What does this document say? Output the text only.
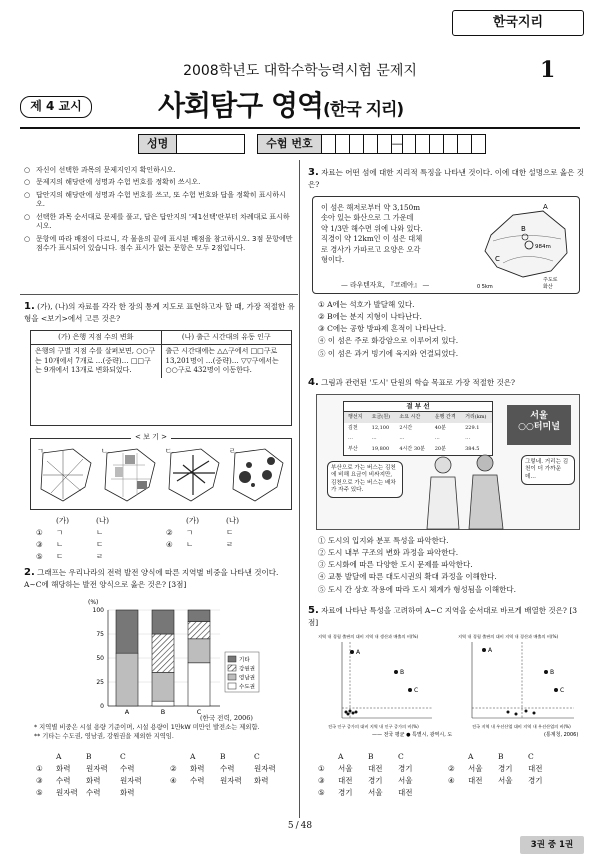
한국지리
2008학년도 대학수학능력시험 문제지	1
제 4 교시	사회탐구 영역(한국 지리)
성명	수험 번호	—
○ 자신이 선택한 과목의 문제지인지 확인하시오.
○ 문제지의 해당란에 성명과 수험 번호를 정확히 쓰시오.
○ 답안지의 해당란에 성명과 수험 번호를 쓰고, 또 수험 번호와 답을 정확히 표시하시오.
○ 선택한 과목 순서대로 문제를 풀고, 답은 답안지의 '제1선택'란부터 차례대로 표시하시오.
○ 문항에 따라 배점이 다르니, 각 물음의 끝에 표시된 배점을 참고하시오. 3점 문항에만 점수가 표시되어 있습니다. 점수 표시가 없는 문항은 모두 2점입니다.
1. (가), (나)의 자료를 각각 한 장의 통계 지도로 표현하고자 할 때, 가장 적절한 유형을 <보기>에서 고른 것은?
(가) 은행 지점 수의 변화	(나) 출근 시간대의 유동 인구
은행의 구별 지점 수를 살펴보면, ○○구는 10개에서 7개로 …(중략)… □□구는 9개에서 13개로 변화되었다.	출근 시간대에는 △△구에서 □□구로 13,201명이 …(중략)… ▽▽구에서는 ○○구로 432명이 이동한다.
< 보 기 >
ㄱ.	ㄴ.	ㄷ.	ㄹ.
(가)	(나)	(가)	(나)
①	ㄱ	ㄴ	②	ㄱ	ㄷ
③	ㄴ	ㄷ	④	ㄴ	ㄹ
⑤	ㄷ	ㄹ
2. 그래프는 우리나라의 전력 발전 양식에 따른 지역별 비중을 나타낸 것이다. A~C에 해당하는 발전 양식으로 옳은 것은? [3점]
(%)
0
25
50
75
100
A	B	C
기타
강원권
영남권
수도권
(한국 전력, 2006)
* 지역별 비중은 시설 용량 기준이며, 시설 용량이 1만kW 미만인 발전소는 제외함.
** 기타는 수도권, 영남권, 강원권을 제외한 지역임.
A	B	C	A	B	C
①	화력	원자력	수력	②	화력	수력	원자력
③	수력	화력	원자력	④	수력	원자력	화력
⑤	원자력	수력	화력
3. 자료는 어떤 섬에 대한 지리적 특징을 나타낸 것이다. 이에 대한 설명으로 옳은 것은?
이 섬은 해저로부터 약 3,150m
솟아 있는 화산으로 그 가운데
약 1/3만 해수면 위에 나와 있다.
직경이 약 12km인 이 섬은 대체
로 경사가 가파르고 요양은 오각
형이다.
— 라우텐자흐, 『코레아』 —
984m
A
B
C
주도로
화산
0 5km
① A에는 석호가 발달해 있다.
② B에는 분지 지형이 나타난다.
③ C에는 공항 방파제 흔적이 나타난다.
④ 이 섬은 주로 화강암으로 이루어져 있다.
⑤ 이 섬은 과거 빙기에 육지와 연결되었다.
4. 그림과 관련된 '도시' 단원의 학습 목표로 가장 적절한 것은?
결 부 선
행선지	요금(원)	소요 시간	운행 간격	거리(km)
김천	12,100	2시간	40분	229.1
…	…	…	…	…
부산	19,800	4시간 30분	20분	384.5
서울
○○터미널
부산으로 가는 버스는 김천에 비해 요금이 비싸지만, 김천으로 가는 버스는 배차가 자주 있다.
그렇네. 거리는 김천이 더 가까운데…
① 도시의 입지와 분포 특성을 파악한다.
② 도시 내부 구조의 변화 과정을 파악한다.
③ 도시화에 따른 다양한 도시 문제를 파악한다.
④ 교통 발달에 따른 대도시권의 확대 과정을 이해한다.
⑤ 도시 간 상호 작용에 따라 도시 체계가 형성됨을 이해한다.
5. 자료에 나타난 특성을 고려하여 A~C 지역을 순서대로 바르게 배열한 것은? [3점]
지역 내 경험 출판의 대비 지역 내 생산과 매출의 비(%)
A
B
C
전국 인구 증가의 대비 지역 내 인구 증가의 비(%)
지역 내 경험 출판의 대비 지역 내 경산과 매출의 비(%)
A
B
C
전국 지역 내 우선산업 대비 지역 내 우선산업의 비(%)
—— 전국 평균 ● 특별시, 광역시, 도	(통계청, 2006)
A	B	C	A	B	C
①	서울	대전	경기	②	서울	경기	대전
③	대전	경기	서울	④	대전	서울	경기
⑤	경기	서울	대전
5 / 48
3권 중 1권
